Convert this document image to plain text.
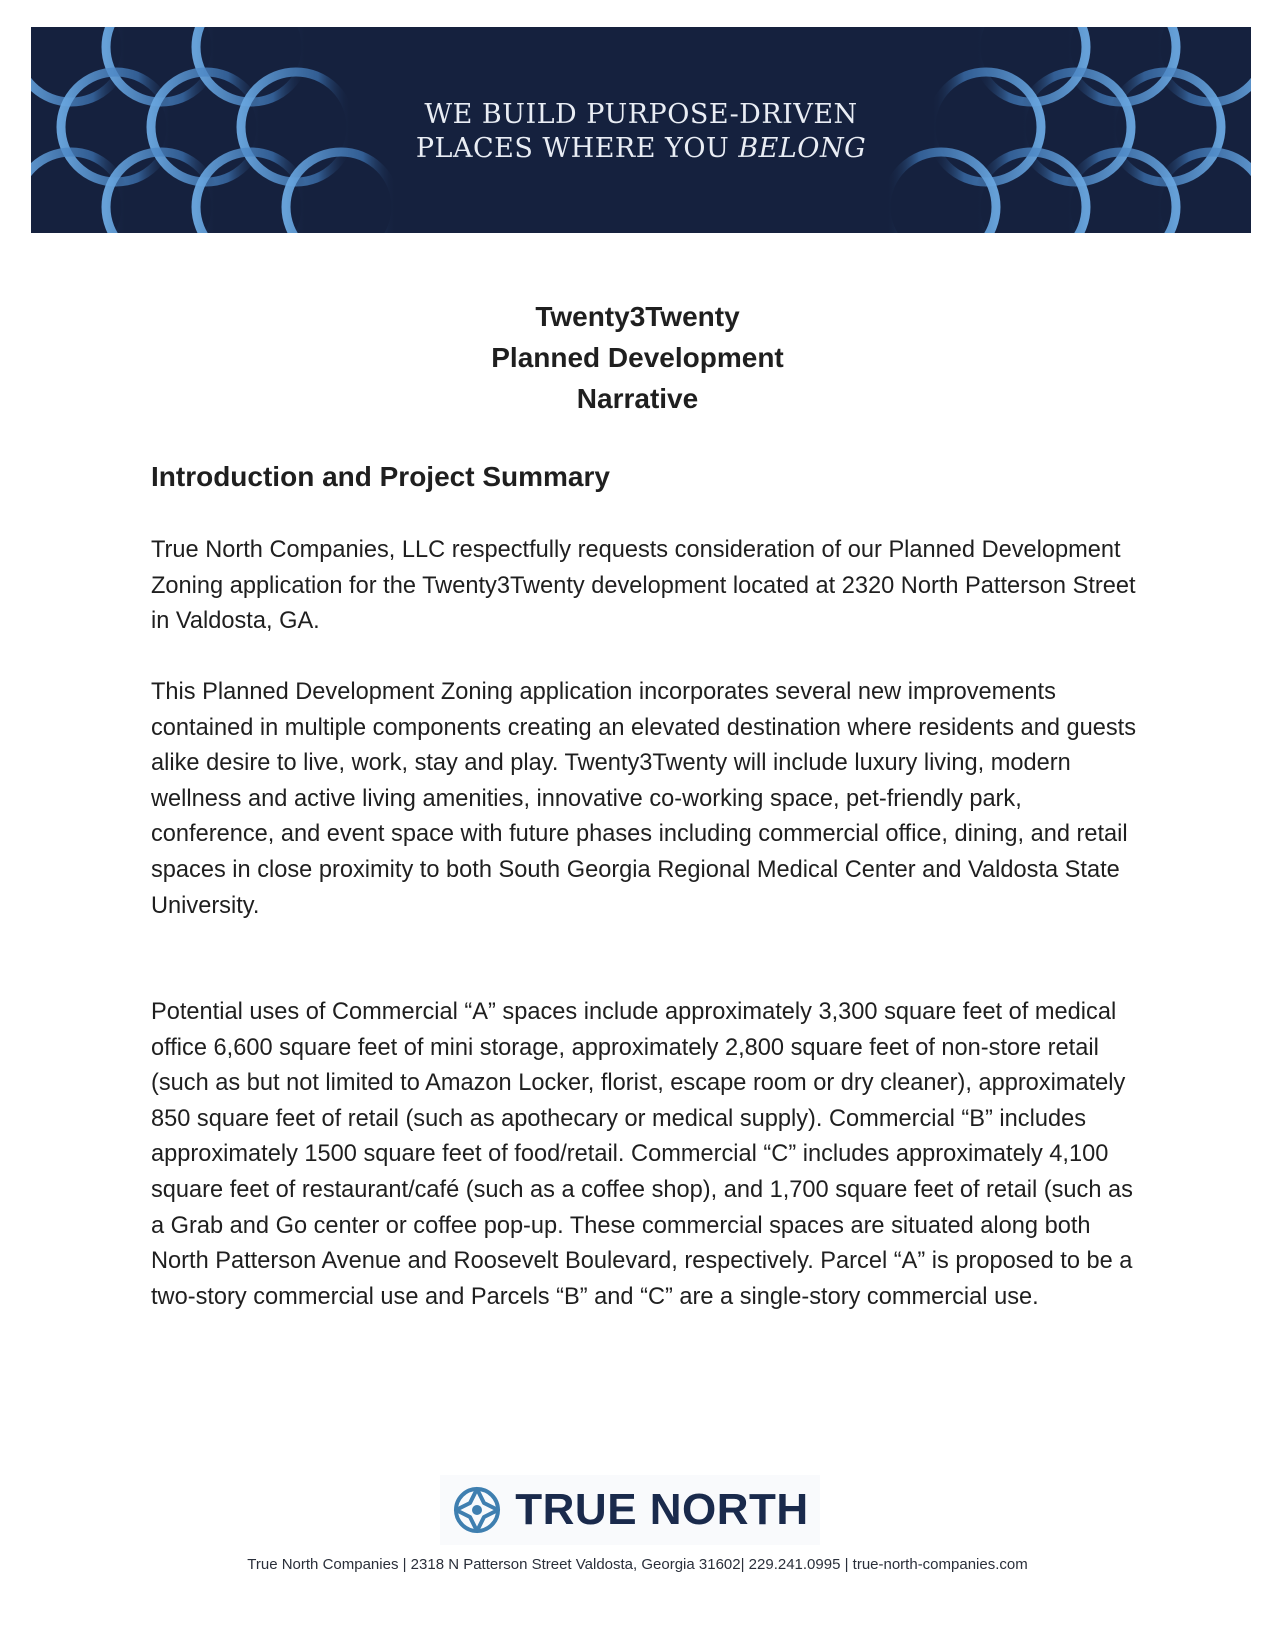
WE BUILD PURPOSE-DRIVEN
PLACES WHERE YOU BELONG
Twenty3Twenty
Planned Development
Narrative
Introduction and Project Summary

True North Companies, LLC respectfully requests consideration of our Planned Development Zoning application for the Twenty3Twenty development located at 2320 North Patterson Street in Valdosta, GA.

This Planned Development Zoning application incorporates several new improvements contained in multiple components creating an elevated destination where residents and guests alike desire to live, work, stay and play. Twenty3Twenty will include luxury living, modern wellness and active living amenities, innovative co-working space, pet-friendly park, conference, and event space with future phases including commercial office, dining, and retail spaces in close proximity to both South Georgia Regional Medical Center and Valdosta State University.

Potential uses of Commercial “A” spaces include approximately 3,300 square feet of medical office 6,600 square feet of mini storage, approximately 2,800 square feet of non-store retail (such as but not limited to Amazon Locker, florist, escape room or dry cleaner), approximately 850 square feet of retail (such as apothecary or medical supply). Commercial “B” includes approximately 1500 square feet of food/retail. Commercial “C” includes approximately 4,100 square feet of restaurant/café (such as a coffee shop), and 1,700 square feet of retail (such as a Grab and Go center or coffee pop-up. These commercial spaces are situated along both North Patterson Avenue and Roosevelt Boulevard, respectively. Parcel “A” is proposed to be a two-story commercial use and Parcels “B” and “C” are a single-story commercial use.

TRUE NORTH
True North Companies | 2318 N Patterson Street Valdosta, Georgia 31602| 229.241.0995 | true-north-companies.com
